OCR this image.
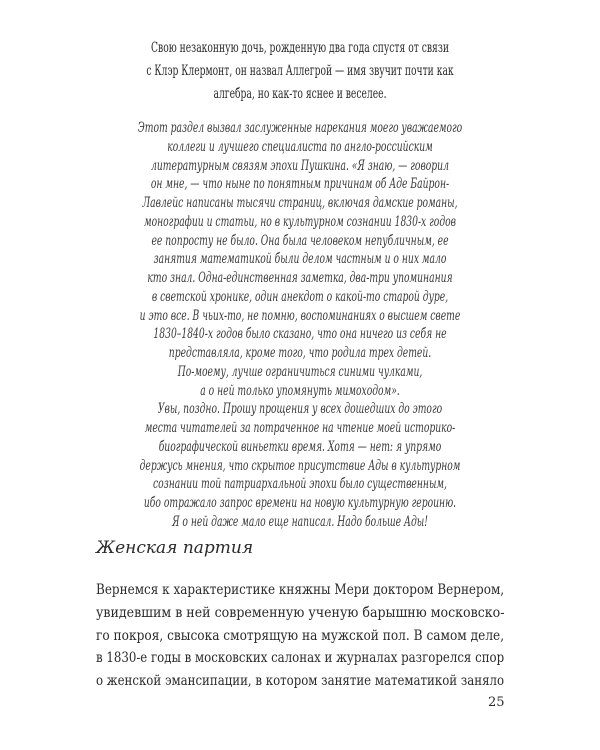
Свою незаконную дочь, рожденную два года спустя от связи
с Клэр Клермонт, он назвал Аллегрой — имя звучит почти как
алгебра, но как-то яснее и веселее.
Этот раздел вызвал заслуженные нарекания моего уважаемого
коллеги и лучшего специалиста по англо-российским
литературным связям эпохи Пушкина. «Я знаю, — говорил
он мне, — что ныне по понятным причинам об Аде Байрон-
Лавлейс написаны тысячи страниц, включая дамские романы,
монографии и статьи, но в культурном сознании 1830-х годов
ее попросту не было. Она была человеком непубличным, ее
занятия математикой были делом частным и о них мало
кто знал. Одна-единственная заметка, два-три упоминания
в светской хронике, один анекдот о какой-то старой дуре,
и это все. В чьих-то, не помню, воспоминаниях о высшем свете
1830–1840-х годов было сказано, что она ничего из себя не
представляла, кроме того, что родила трех детей.
По-моему, лучше ограничиться синими чулками,
а о ней только упомянуть мимоходом».
Увы, поздно. Прошу прощения у всех дошедших до этого
места читателей за потраченное на чтение моей историко-
биографической виньетки время. Хотя — нет: я упрямо
держусь мнения, что скрытое присутствие Ады в культурном
сознании той патриархальной эпохи было существенным,
ибо отражало запрос времени на новую культурную героиню.
Я о ней даже мало еще написал. Надо больше Ады!
Женская партия
Вернемся к характеристике княжны Мери доктором Вернером,
увидевшим в ней современную ученую барышню московско-
го покроя, свысока смотрящую на мужской пол. В самом деле,
в 1830-е годы в московских салонах и журналах разгорелся спор
о женской эмансипации, в котором занятие математикой заняло
25
